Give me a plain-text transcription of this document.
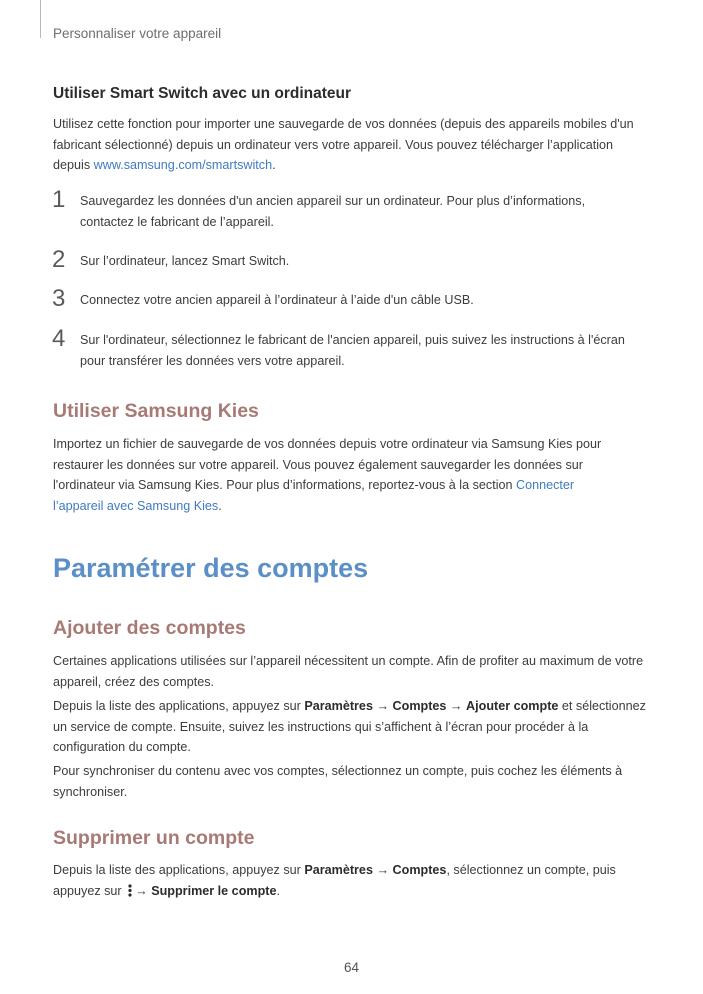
Personnaliser votre appareil
Utiliser Smart Switch avec un ordinateur
Utilisez cette fonction pour importer une sauvegarde de vos données (depuis des appareils mobiles d'un fabricant sélectionné) depuis un ordinateur vers votre appareil. Vous pouvez télécharger l’application depuis www.samsung.com/smartswitch.
1 Sauvegardez les données d'un ancien appareil sur un ordinateur. Pour plus d’informations, contactez le fabricant de l’appareil.
2 Sur l’ordinateur, lancez Smart Switch.
3 Connectez votre ancien appareil à l’ordinateur à l’aide d'un câble USB.
4 Sur l'ordinateur, sélectionnez le fabricant de l'ancien appareil, puis suivez les instructions à l'écran pour transférer les données vers votre appareil.
Utiliser Samsung Kies
Importez un fichier de sauvegarde de vos données depuis votre ordinateur via Samsung Kies pour restaurer les données sur votre appareil. Vous pouvez également sauvegarder les données sur l'ordinateur via Samsung Kies. Pour plus d’informations, reportez-vous à la section Connecter l’appareil avec Samsung Kies.
Paramétrer des comptes
Ajouter des comptes
Certaines applications utilisées sur l’appareil nécessitent un compte. Afin de profiter au maximum de votre appareil, créez des comptes.
Depuis la liste des applications, appuyez sur Paramètres → Comptes → Ajouter compte et sélectionnez un service de compte. Ensuite, suivez les instructions qui s’affichent à l’écran pour procéder à la configuration du compte.
Pour synchroniser du contenu avec vos comptes, sélectionnez un compte, puis cochez les éléments à synchroniser.
Supprimer un compte
Depuis la liste des applications, appuyez sur Paramètres → Comptes, sélectionnez un compte, puis appuyez sur → Supprimer le compte.
64
